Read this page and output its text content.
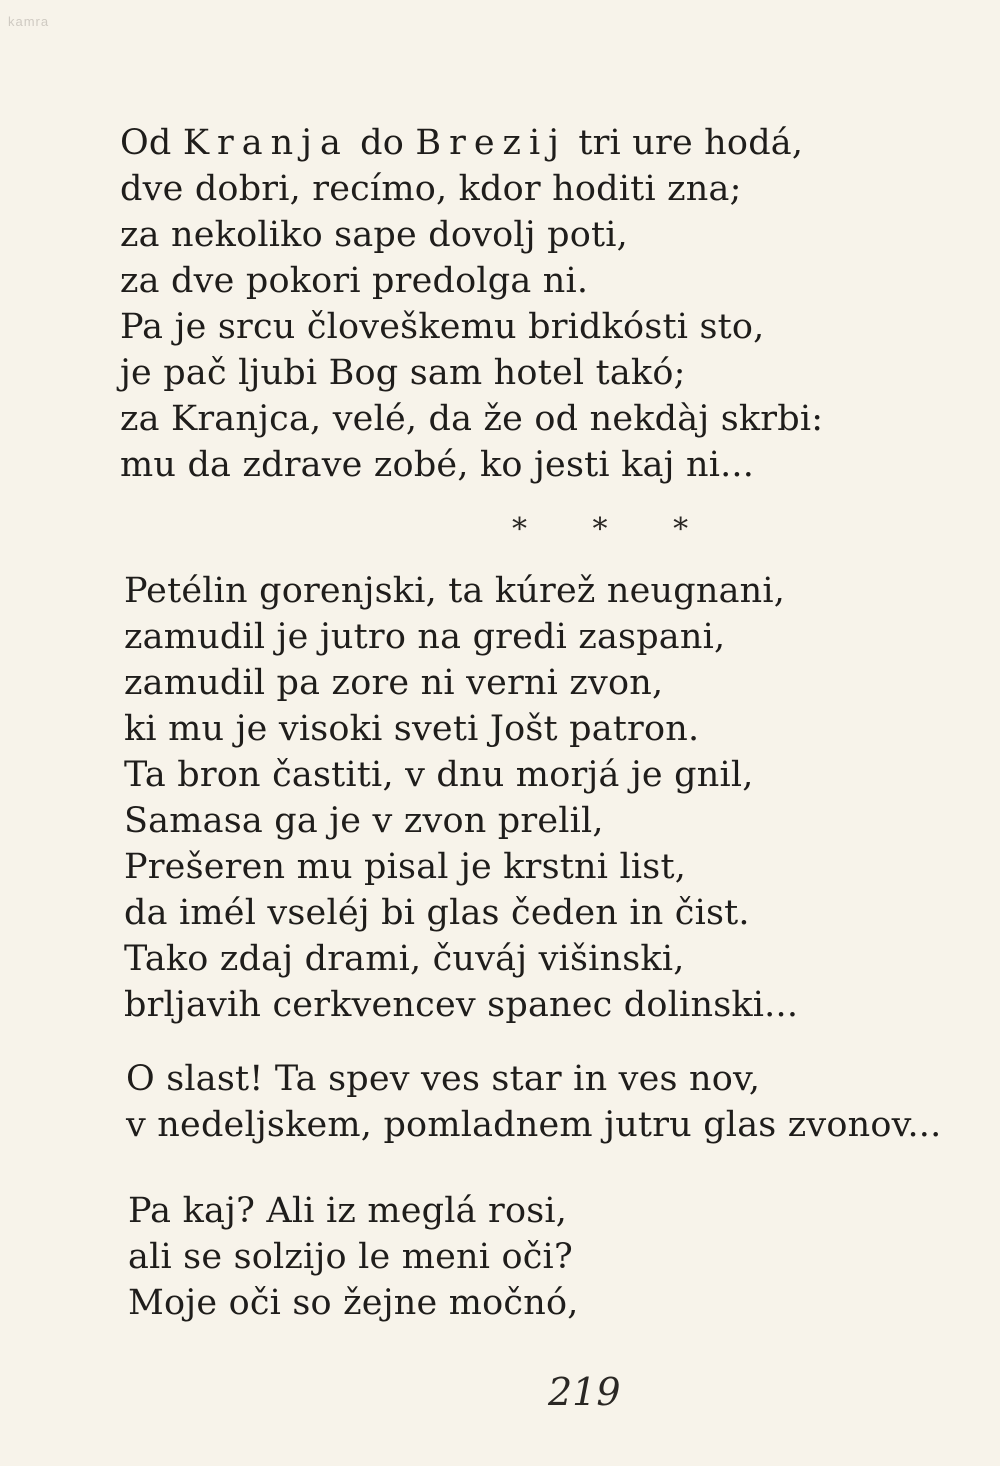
kamra
Od Kranja do Brezij tri ure hodá,
dve dobri, recímo, kdor hoditi zna;
za nekoliko sape dovolj poti,
za dve pokori predolga ni.
Pa je srcu človeškemu bridkósti sto,
je pač ljubi Bog sam hotel takó;
za Kranjca, velé, da že od nekdàj skrbi:
mu da zdrave zobé, ko jesti kaj ni...
* * *
Petélin gorenjski, ta kúrež neugnani,
zamudil je jutro na gredi zaspani,
zamudil pa zore ni verni zvon,
ki mu je visoki sveti Jošt patron.
Ta bron častiti, v dnu morjá je gnil,
Samasa ga je v zvon prelil,
Prešeren mu pisal je krstni list,
da imél vseléj bi glas čeden in čist.
Tako zdaj drami, čuváj višinski,
brljavih cerkvencev spanec dolinski...
O slast! Ta spev ves star in ves nov,
v nedeljskem, pomladnem jutru glas zvonov...
Pa kaj? Ali iz meglá rosi,
ali se solzijo le meni oči?
Moje oči so žejne močnó,
219
